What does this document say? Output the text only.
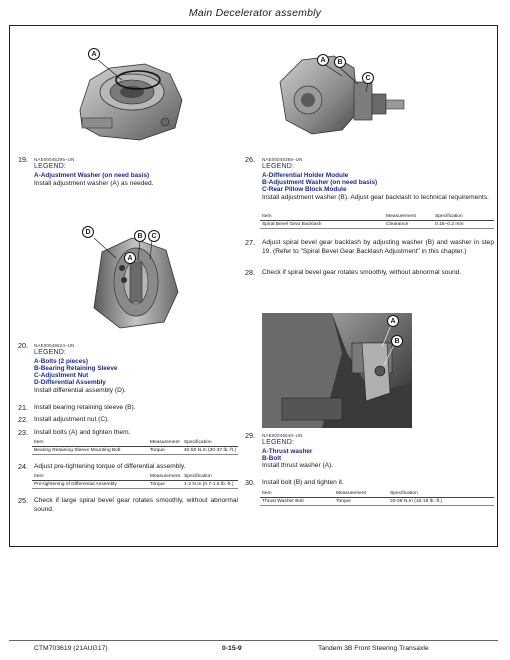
Main Decelerator assembly
A
A	B
C
19. NAE00045395–UN
LEGEND:
A-Adjustment Washer (on need basis)
Install adjustment washer (A) as needed.
26. NAE00046398–UN
LEGEND:
A-Differential Holder Module
B-Adjustment Washer (on need basis)
C-Rear Pillow Block Module
Install adjustment washer (B). Adjust gear backlash to technical requirements.
Item	Measurement	Specification
Spiral Bevel Gear Backlash	Clearance	0.15–0.2 mm
D
B	C
A
27. Adjust spiral bevel gear backlash by adjusting washer (B) and washer in step 19. (Refer to "Spiral Bevel Gear Backlash Adjustment" in this chapter.)
28. Check if spiral bevel gear rotates smoothly, without abnormal sound.
A
B
20. NAE00046524–UN
LEGEND:
A-Bolts (2 pieces)
B-Bearing Retaining Sleeve
C-Adjustment Nut
D-Differential Assembly
Install differential assembly (D).
21. Install bearing retaining sleeve (B).
22. Install adjustment nut (C).
23. Install bolts (A) and tighten them.
Item	Measurement	Specification
Bearing Retaining Sleeve Mounting Bolt	Torque	40-50 N.m (30-37 lb.-ft.)
24. Adjust pre-tightening torque of differential assembly.
Item	Measurement	Specification
Pre-tightening of Differential Assembly	Torque	1-2 N.m (0.7-1.5 lb.-ft.)
25. Check if large spiral bevel gear rotates smoothly, without abnormal sound.
29. NAE00046540–UN
LEGEND:
A-Thrust washer
B-Bolt
Install thrust washer (A).
30. Install bolt (B) and tighten it.
Item	Measurement	Specification
Thrust Washer Bolt	Torque	20-26 N.m (15-19 lb.-ft.)
CTM703619 (21AUG17)	0-15-9	Tandem 3B Front Steering Transaxle
